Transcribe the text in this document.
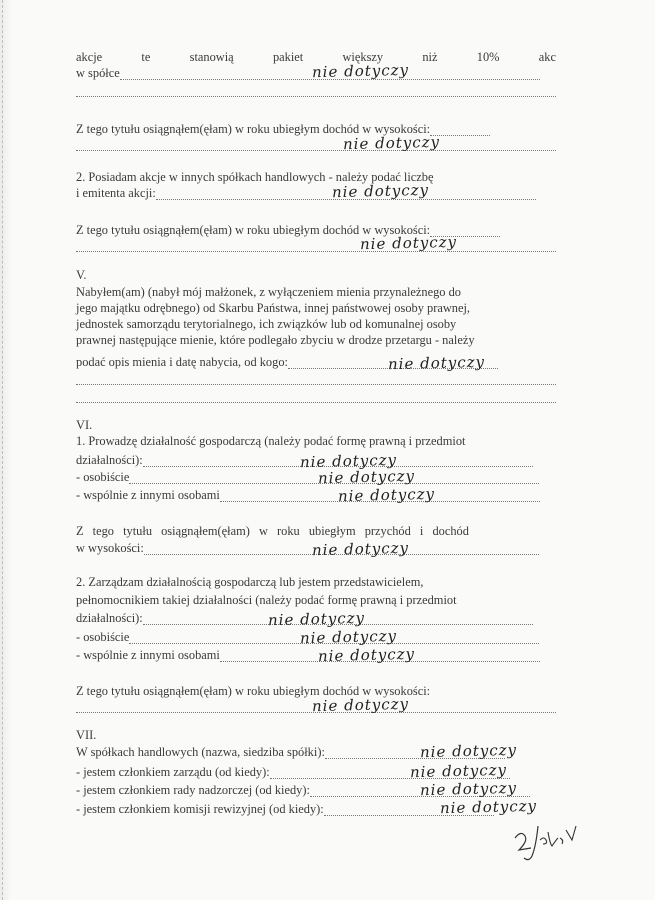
akcje	te	stanowią	pakiet	większy	niż	10%	akc
w spółce	nie dotyczy
Z tego tytułu osiągnąłem(ęłam) w roku ubiegłym dochód w wysokości:
nie dotyczy
2. Posiadam akcje w innych spółkach handlowych - należy podać liczbę
i emitenta akcji:	nie dotyczy
Z tego tytułu osiągnąłem(ęłam) w roku ubiegłym dochód w wysokości:
nie dotyczy
V.
Nabyłem(am) (nabył mój małżonek, z wyłączeniem mienia przynależnego do
jego majątku odrębnego) od Skarbu Państwa, innej państwowej osoby prawnej,
jednostek samorządu terytorialnego, ich związków lub od komunalnej osoby
prawnej następujące mienie, które podlegało zbyciu w drodze przetargu - należy
podać opis mienia i datę nabycia, od kogo:	nie dotyczy
VI.
1. Prowadzę działalność gospodarczą (należy podać formę prawną i przedmiot
działalności):	nie dotyczy
- osobiście	nie dotyczy
- wspólnie z innymi osobami	nie dotyczy
Z tego tytułu osiągnąłem(ęłam) w roku ubiegłym przychód i dochód
w wysokości:	nie dotyczy
2. Zarządzam działalnością gospodarczą lub jestem przedstawicielem,
pełnomocnikiem takiej działalności (należy podać formę prawną i przedmiot
działalności):	nie dotyczy
- osobiście	nie dotyczy
- wspólnie z innymi osobami	nie dotyczy
Z tego tytułu osiągnąłem(ęłam) w roku ubiegłym dochód w wysokości:
nie dotyczy
VII.
W spółkach handlowych (nazwa, siedziba spółki):	nie dotyczy
- jestem członkiem zarządu (od kiedy):	nie dotyczy
- jestem członkiem rady nadzorczej (od kiedy):	nie dotyczy
- jestem członkiem komisji rewizyjnej (od kiedy):	nie dotyczy
